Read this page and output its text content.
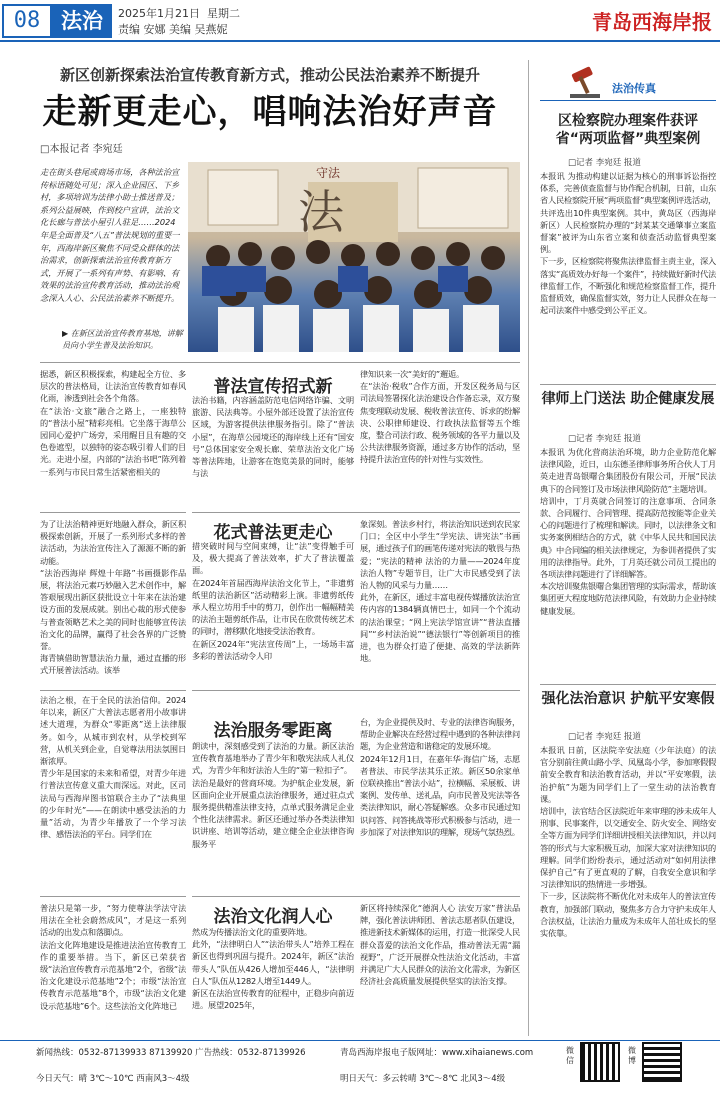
08 法治	2025年1月21日 星期二
责编 安娜 美编 吴燕妮	青岛西海岸报
新区创新探索法治宣传教育新方式，推动公民法治素养不断提升
走新更走心，唱响法治好声音
□本报记者 李宛廷
走在街头巷尾或商场市场，各种法治宣传标语随处可见；深入企业园区、下乡村，多项培训为法律小助士推送普及；系列公益展映，作到校户宣讲，法治文化长廊与普法小屋引人驻足……2024年是全面普及“八五”普法规划的重要一年，西海岸新区聚焦不同受众群体的法治需求，创新探索法治宣传教育新方式，开展了一系列有声势、有影响、有效果的法治宣传教育活动，推动法治观念深入人心、公民法治素养不断提升。
法
守法
▶ 在新区法治宣传教育基地，讲解员向小学生普及法治知识。
据悉，新区积极探索，构建起全方位、多层次的普法格局，让法治宣传教育如春风化雨，渗透到社会各个角落。
在“法治·文旅”融合之路上，一座独特的“普法小屋”精彩亮相。它坐落于海草公园同心爱护广场旁，采用醒目且有趣的交色卷遮型，以独特的姿态吸引着人们的目光。走进小屋，内部的“法治书吧”陈列着一系列与市民日常生活紧密相关的
为了让法治精神更好地融入群众，新区积极探索创新，开展了一系列形式多样的普法活动，为法治宣传注入了源源不断的新动能。
“法治西海岸 辉煌十年路”书画摄影作品展，将法治元素巧妙融入艺术创作中，解答艰展现出新区获批设立十年来在法治建设方面的发展成就。别出心裁的形式使参与普查领略艺术之美的同时也能够宣传法治文化的品牌，赢得了社会各界的广泛赞誉。
海青镇借助智慧法治力量，通过直播的形式开展普法活动。该举
法治之根，在于全民的法治信仰。2024年以来，新区广大普法志愿者用小故事讲述大道理，为群众“零距离”送上法律服务。如今，从城市到农村，从学校到军营，从机关到企业，自觉尊法用法氛围日渐浓厚。
青少年是国家的未来和希望，对青少年进行普法宣传意义重大而深远。对此，区司法局与西海岸图书馆联合主办了“法典里的少年时光”——在朗读中感受法治的力量”活动，为青少年播放了一个学习法律、感悟法治的平台。同学们在
普法只是第一步，“努力使尊法学法守法用法在全社会蔚然成风”，才是这一系列活动的出发点和落脚点。
法治文化阵地建设是推进法治宣传教育工作的重要举措。当下，新区已荣获省级“法治宣传教育示范基地”2个，省级“法治文化建设示范基地”2个；市级“法治宣传教育示范基地”8个，市级“法治文化建设示范基地”6个。这些法治文化阵地已
普法宣传招式新
法治书籍，内容涵盖防范电信网络诈骗、文明旅游、民法典等。小屋外部还设置了法治宣传区域，为游客提供法律服务指引。除了“普法小屋”，在海草公园境还的海岸线上还有“国安号”总体国家安全观长廊、荣草法治文化广场等普法阵地，让游客在饱览美景的同时，能够与法
律知识来一次“美好的”邂逅。
在“法治·税收”合作方面，开发区税务局与区司法局签署探化法治建设合作备忘录，双方聚焦变理联动发展、税收普法宣传、诉求的纷解决、公职律师建设、行政执法监督等五个维度，整合司法行政、税务领域的各平力量以及公共法律服务资源，通过多方协作的活动，坚持提升法治宣传的针对性与实效性。
花式普法更走心
措突破时间与空间束缚，让“法”变得触手可及，极大提高了普法效率，扩大了普法覆盖面。
在2024年首届西海岸法治文化节上，“非遗剪纸里的法治新区”活动精彩上演。非遗剪纸传承人程立坊用手中的剪刀，创作出一幅幅精美的法治主题剪纸作品，让市民在欣赏传统艺术的同时，潜移默化地接受法治教育。
在新区2024年“宪法宣传周”上，一场场丰富多彩的普法活动令人印
象深刻。普法乡村行，将法治知识送到农民家门口；全区中小学生“学宪法、讲宪法”书画展，通过孩子们的画笔传递对宪法的敬畏与热爱；“宪法的精神 法治的力量——2024年度法治人物”专题节目，让广大市民感受到了法治人物的风采与力量……
此外，在新区，通过丰富电视传媒播放法治宣传内容的1384辆真情巴士，如同一个个流动的法治课堂；“网上宪法学馆宣讲”“普法直播间”“乡村法治说”“德法银行”等创新项目的推进，也为群众打造了便捷、高效的学法新阵地。
法治服务零距离
朗读中，深刻感受到了法治的力量。新区法治宣传教育基地举办了青少年和敬宪法成人礼仪式，为青少年和好法治人生的“第一粒扣子”。
法治是最好的营商环境。为护航企业发展，新区面向企业开展重点法治律服务，通过驻点式服务提供精准法律支持，点单式服务满足企业个性化法律需求。新区还通过举办各类法律知识讲座、培训等活动，建立健全企业法律咨询服务平
台，为企业提供及时、专业的法律咨询服务，帮助企业解决在经营过程中遇到的各种法律问题，为企业营造和谐稳定的发展环境。
2024年12月1日，在嘉年华·海信广场，志愿者普法、市民学法其乐正浓。新区50余家单位联袂推出“普法小站”，拉横幅、采展板、讲案例、发传单、送礼品，向市民普及宪法等各类法律知识，耐心答疑解惑。众多市民通过知识问答、问答挑战等形式积极参与活动，进一步加深了对法律知识的理解，现场气氛热烈。
法治文化润人心
然成为传播法治文化的重要阵地。
此外，“法律明白人”“法治带头人”培养工程在新区也得到巩固与提升。2024年，新区“法治带头人”队伍从426人增加至446人，“法律明白人”队伍从1282人增至1449人。
新区在法治宣传教育的征程中，正稳步向前迈进。展望2025年，
新区将持续深化“德润人心 法安万家”普法品牌，强化普法讲师团、普法志愿者队伍建设，推进新技术新媒体的运用，打造一批深受人民群众喜爱的法治文化作品，推动普法无需“漏视野”，广泛开展群众性法治文化活动，丰富并满足广大人民群众的法治文化需求，为新区经济社会高质量发展提供坚实的法治支撑。
法治传真
区检察院办理案件获评省“两项监督”典型案例
□记者 李宛廷 报道
本报讯 为推动构建以证据为核心的刑事诉讼指控体系，完善侦查监督与协作配合机制，日前，山东省人民检察院开展“两项监督”典型案例评选活动，共评选出10件典型案例。其中，黄岛区（西海岸新区）人民检察院办理的“封某某交通肇事立案监督案”被评为山东省立案和侦查活动监督典型案例。
下一步，区检察院将聚焦法律监督主责主业，深入落实“高质效办好每一个案件”，持续做好新时代法律监督工作，不断强化和规范检察监督工作，提升监督质效，确保监督实效，努力让人民群众在每一起司法案件中感受到公平正义。
律师上门送法 助企健康发展
□记者 李宛廷 报道
本报讯 为优化营商法治环境，助力企业防范化解法律风险，近日，山东德圣律师事务所合伙人丁月英走进青岛银曙合集团股份有限公司，开展“民法典下的合同签订及市场法律风险防范”主题培训。
培训中，丁月英就合同签订的注意事项、合同条款、合同履行、合同管理、提高防范按能等企业关心的问题进行了梳理和解读。同时，以法律条文和实务案例相结合的方式，就《中华人民共和国民法典》中合同编的相关法律规定，为参训者提供了实用的法律指导。此外，丁月英还就公司员工提出的各项法律问题进行了详细解答。
本次培训聚焦银曙合集团管理的实际需求，帮助该集团更大程度地防范法律风险，有效助力企业持续健康发展。
强化法治意识 护航平安寒假
□记者 李宛廷 报道
本报讯 日前，区法院辛安法庭（少年法庭）的法官分别前往黄山路小学、凤凰岛小学，参加寒假假前安全教育和法治教育活动，并以“平安寒假，法治护航”为题为同学们上了一堂生动的法治教育课。
培训中，法官结合区法院近年来审理的涉未成年人刑事、民事案件，以交通安全、防火安全、网络安全等方面为同学们详细讲授相关法律知识，并以问答的形式与大家积极互动，加深大家对法律知识的理解。同学们纷纷表示，通过活动对“如何用法律保护自己”有了更直观的了解，自我安全意识和学习法律知识的热情进一步增强。
下一步，区法院将不断优化对未成年人的普法宣传教育，加强部门联动，聚焦多方合力守护未成年人合法权益，让法治力量成为未成年人茁壮成长的坚实依靠。
新闻热线：0532-87139933 87139920 广告热线：0532-87139926	青岛西海岸报电子版网址：www.xihaianews.com
今日天气：晴 3℃～10℃ 西南风3～4级	明日天气：多云转晴 3℃～8℃ 北风3～4级
微信
微博
